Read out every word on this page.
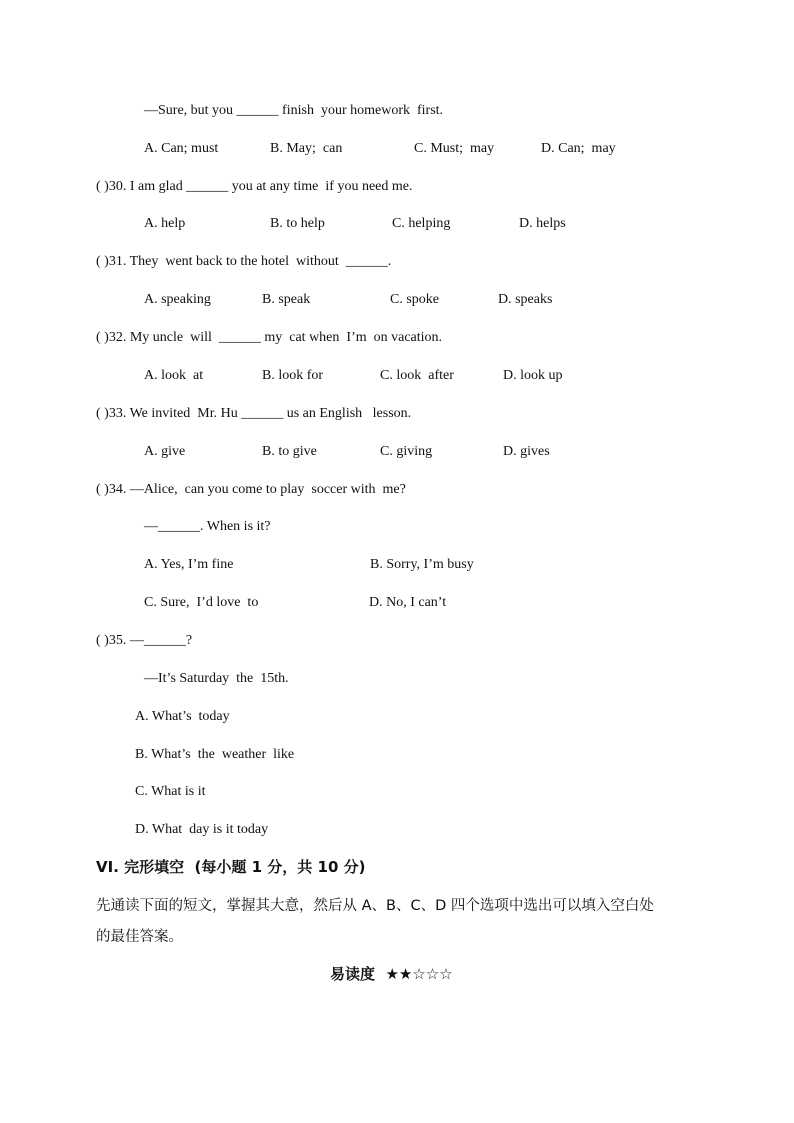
—Sure, but you ______ finish  your homework  first.
A. Can; must	B. May;  can	C. Must;  may	D. Can;  may
( )30. I am glad ______ you at any time  if you need me.
A. help	B. to help	C. helping	D. helps
( )31. They  went back to the hotel  without  ______.
A. speaking	B. speak	C. spoke	D. speaks
( )32. My uncle  will  ______ my  cat when  I’m  on vacation.
A. look  at	B. look for	C. look  after	D. look up
( )33. We invited  Mr. Hu ______ us an English   lesson.
A. give	B. to give	C. giving	D. gives
( )34. —Alice,  can you come to play  soccer with  me?
—______. When is it?
A. Yes, I’m fine	B. Sorry, I’m busy
C. Sure,  I’d love  to	D. No, I can’t
( )35. —______?
—It’s Saturday  the  15th.
A. What’s  today
B. What’s  the  weather  like
C. What is it
D. What  day is it today
VI. 完形填空  (每小题 1 分，共 10 分)
先通读下面的短文，掌握其大意，然后从 A、B、C、D 四个选项中选出可以填入空白处
的最佳答案。
易读度 ★★☆☆☆
